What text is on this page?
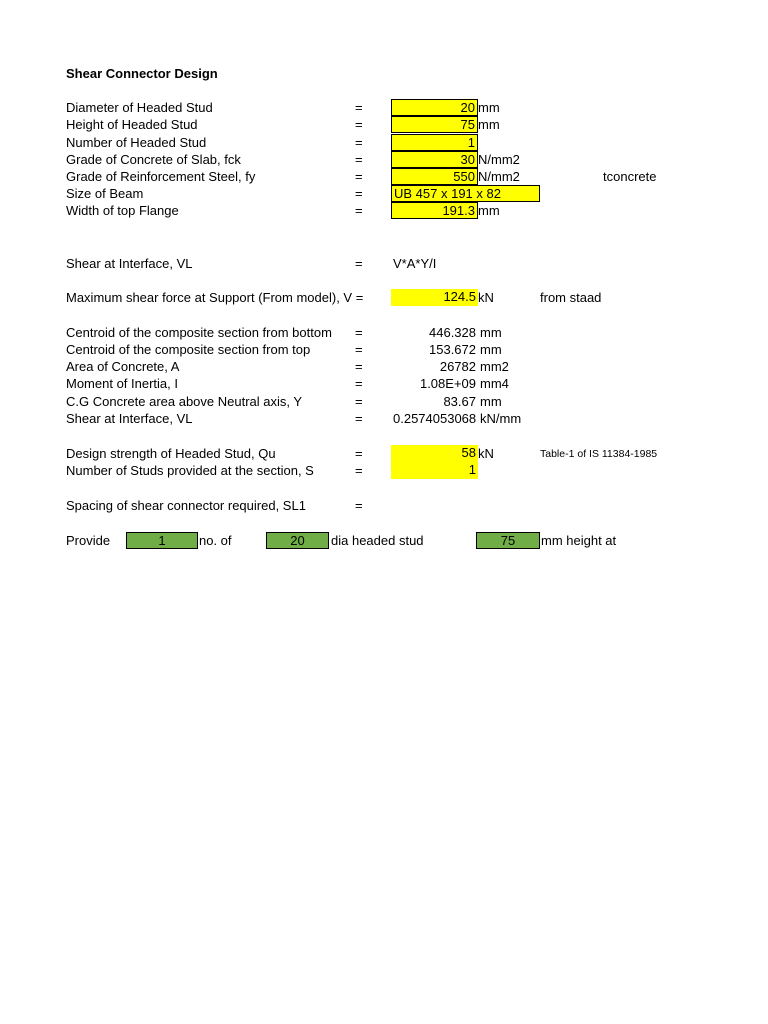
Shear Connector Design
Diameter of Headed Stud	=	20 mm
Height of Headed Stud	=	75 mm
Number of Headed Stud	=	1
Grade of Concrete of Slab, fck	=	30 N/mm2
Grade of Reinforcement Steel, fy	=	550 N/mm2	tconcrete
Size of Beam	= UB 457 x 191 x 82
Width of top Flange	=	191.3 mm
Shear at Interface, VL	= V*A*Y/I
Maximum shear force at Support (From model), V =	124.5 kN	from staad
Centroid of the composite section from bottom =	446.328 mm
Centroid of the composite section from top	=	153.672 mm
Area of Concrete, A	=	26782 mm2
Moment of Inertia, I	=	1.08E+09 mm4
C.G Concrete area above Neutral axis, Y	=	83.67 mm
Shear at Interface, VL	= 0.2574053068 kN/mm
Design strength of Headed Stud, Qu	=	58 kN	Table-1 of IS 11384-1985
Number of Studs provided at the section, S	=	1
Spacing of shear connector required, SL1	=
Provide	1	no. of	20	dia headed stud	75	mm height at
